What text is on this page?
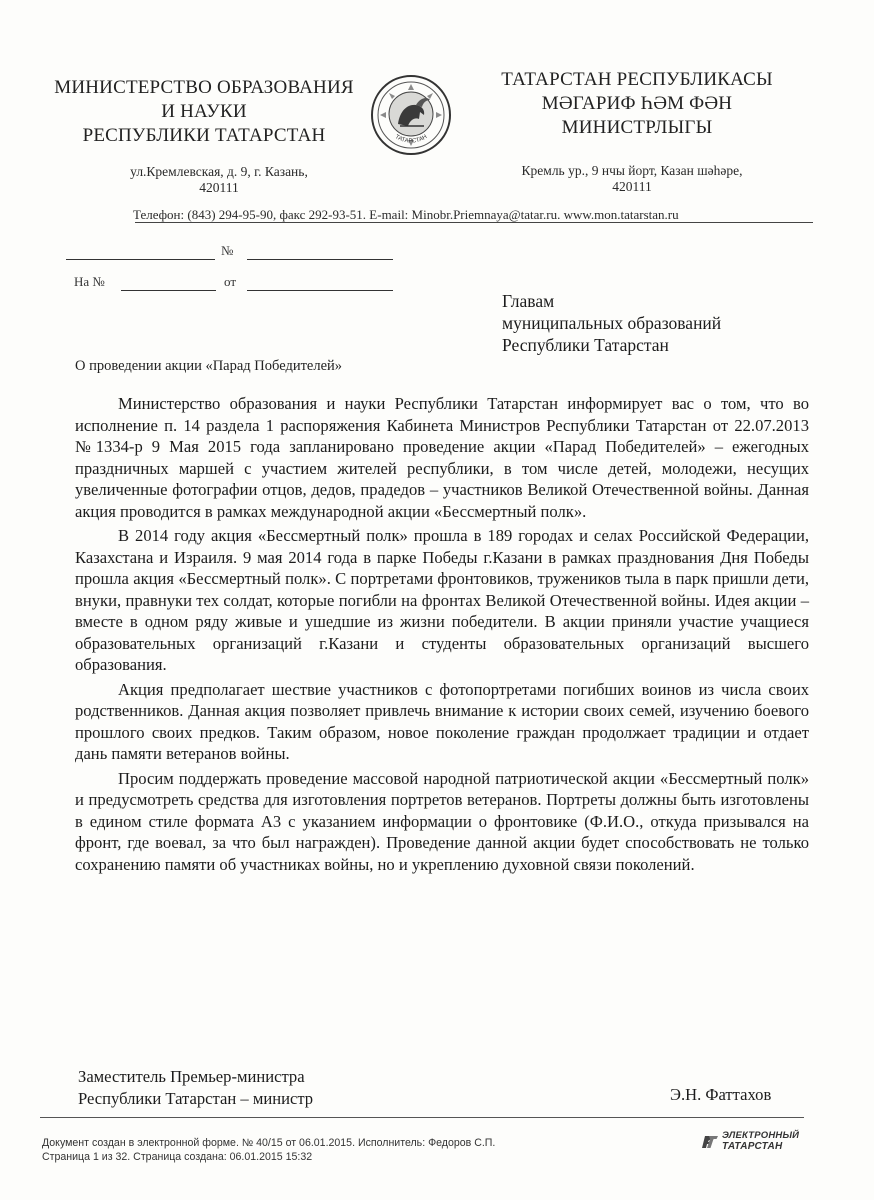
МИНИСТЕРСТВО ОБРАЗОВАНИЯ
И НАУКИ
РЕСПУБЛИКИ ТАТАРСТАН	ТАТАРСТАН
ТАТАРСТАН РЕСПУБЛИКАСЫ
МӘГАРИФ ҺӘМ ФӘН
МИНИСТРЛЫГЫ
ул.Кремлевская, д. 9, г. Казань,
420111
Кремль ур., 9 нчы йорт, Казан шәһәре,
420111
Телефон: (843) 294-95-90, факс 292-93-51. E-mail: Minobr.Priemnaya@tatar.ru. www.mon.tatarstan.ru
№
На №	от
Главам
муниципальных образований
Республики Татарстан
О проведении акции «Парад Победителей»

Министерство образования и науки Республики Татарстан информирует вас о том, что во исполнение п. 14 раздела 1 распоряжения Кабинета Министров Республики Татарстан от 22.07.2013 №1334-р 9 Мая 2015 года запланировано проведение акции «Парад Победителей» – ежегодных праздничных маршей с участием жителей республики, в том числе детей, молодежи, несущих увеличенные фотографии отцов, дедов, прадедов – участников Великой Отечественной войны. Данная акция проводится в рамках международной акции «Бессмертный полк».

В 2014 году акция «Бессмертный полк» прошла в 189 городах и селах Российской Федерации, Казахстана и Израиля. 9 мая 2014 года в парке Победы г.Казани в рамках празднования Дня Победы прошла акция «Бессмертный полк». С портретами фронтовиков, тружеников тыла в парк пришли дети, внуки, правнуки тех солдат, которые погибли на фронтах Великой Отечественной войны. Идея акции – вместе в одном ряду живые и ушедшие из жизни победители. В акции приняли участие учащиеся образовательных организаций г.Казани и студенты образовательных организаций высшего образования.

Акция предполагает шествие участников с фотопортретами погибших воинов из числа своих родственников. Данная акция позволяет привлечь внимание к истории своих семей, изучению боевого прошлого своих предков. Таким образом, новое поколение граждан продолжает традиции и отдает дань памяти ветеранов войны.

Просим поддержать проведение массовой народной патриотической акции «Бессмертный полк» и предусмотреть средства для изготовления портретов ветеранов. Портреты должны быть изготовлены в едином стиле формата А3 с указанием информации о фронтовике (Ф.И.О., откуда призывался на фронт, где воевал, за что был награжден). Проведение данной акции будет способствовать не только сохранению памяти об участниках войны, но и укреплению духовной связи поколений.

Заместитель Премьер-министра
Республики Татарстан – министр	Э.Н. Фаттахов
Документ создан в электронной форме. № 40/15 от 06.01.2015. Исполнитель: Федоров С.П.
Страница 1 из 32. Страница создана: 06.01.2015 15:32
ЭЛЕКТРОННЫЙ
ТАТАРСТАН
